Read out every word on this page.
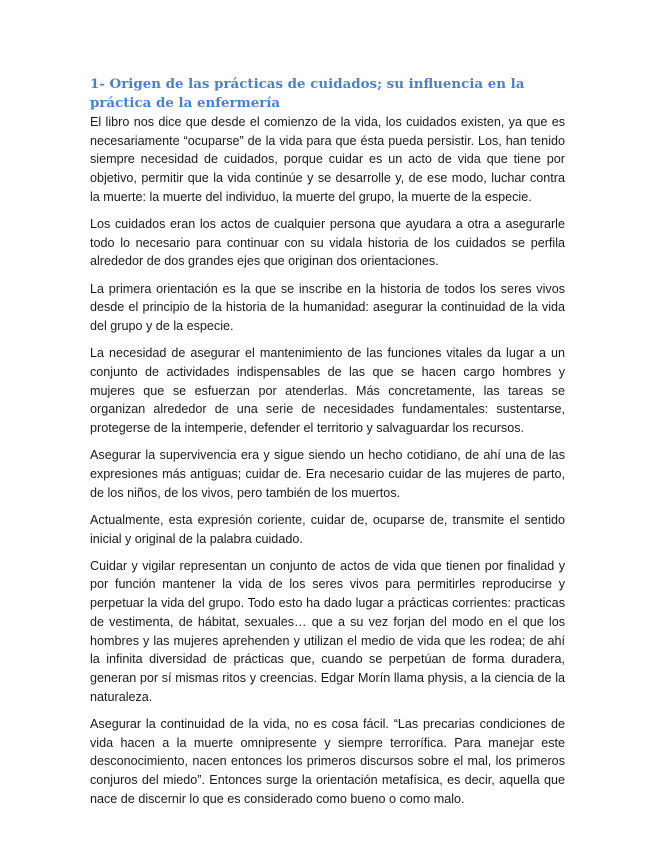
1- Origen de las prácticas de cuidados; su influencia en la práctica de la enfermería

El libro nos dice que desde el comienzo de la vida, los cuidados existen, ya que es necesariamente “ocuparse” de la vida para que ésta pueda persistir. Los, han tenido siempre necesidad de cuidados, porque cuidar es un acto de vida que tiene por objetivo, permitir que la vida continúe y se desarrolle y, de ese modo, luchar contra la muerte: la muerte del individuo, la muerte del grupo, la muerte de la especie.

Los cuidados eran los actos de cualquier persona que ayudara a otra a asegurarle todo lo necesario para continuar con su vidala historia de los cuidados se perfila alrededor de dos grandes ejes que originan dos orientaciones.

La primera orientación es la que se inscribe en la historia de todos los seres vivos desde el principio de la historia de la humanidad: asegurar la continuidad de la vida del grupo y de la especie.

La necesidad de asegurar el mantenimiento de las funciones vitales da lugar a un conjunto de actividades indispensables de las que se hacen cargo hombres y mujeres que se esfuerzan por atenderlas. Más concretamente, las tareas se organizan alrededor de una serie de necesidades fundamentales: sustentarse, protegerse de la intemperie, defender el territorio y salvaguardar los recursos.

Asegurar la supervivencia era y sigue siendo un hecho cotidiano, de ahí una de las expresiones más antiguas; cuidar de. Era necesario cuidar de las mujeres de parto, de los niños, de los vivos, pero también de los muertos.

Actualmente, esta expresión coriente, cuidar de, ocuparse de, transmite el sentido inicial y original de la palabra cuidado.

Cuidar y vigilar representan un conjunto de actos de vida que tienen por finalidad y por función mantener la vida de los seres vivos para permitirles reproducirse y perpetuar la vida del grupo. Todo esto ha dado lugar a prácticas corrientes: practicas de vestimenta, de hábitat, sexuales… que a su vez forjan del modo en el que los hombres y las mujeres aprehenden y utilizan el medio de vida que les rodea; de ahí la infinita diversidad de prácticas que, cuando se perpetúan de forma duradera, generan por sí mismas ritos y creencias. Edgar Morín llama physis, a la ciencia de la naturaleza.

Asegurar la continuidad de la vida, no es cosa fácil. “Las precarias condiciones de vida hacen a la muerte omnipresente y siempre terrorífica. Para manejar este desconocimiento, nacen entonces los primeros discursos sobre el mal, los primeros conjuros del miedo”. Entonces surge la orientación metafísica, es decir, aquella que nace de discernir lo que es considerado como bueno o como malo.
